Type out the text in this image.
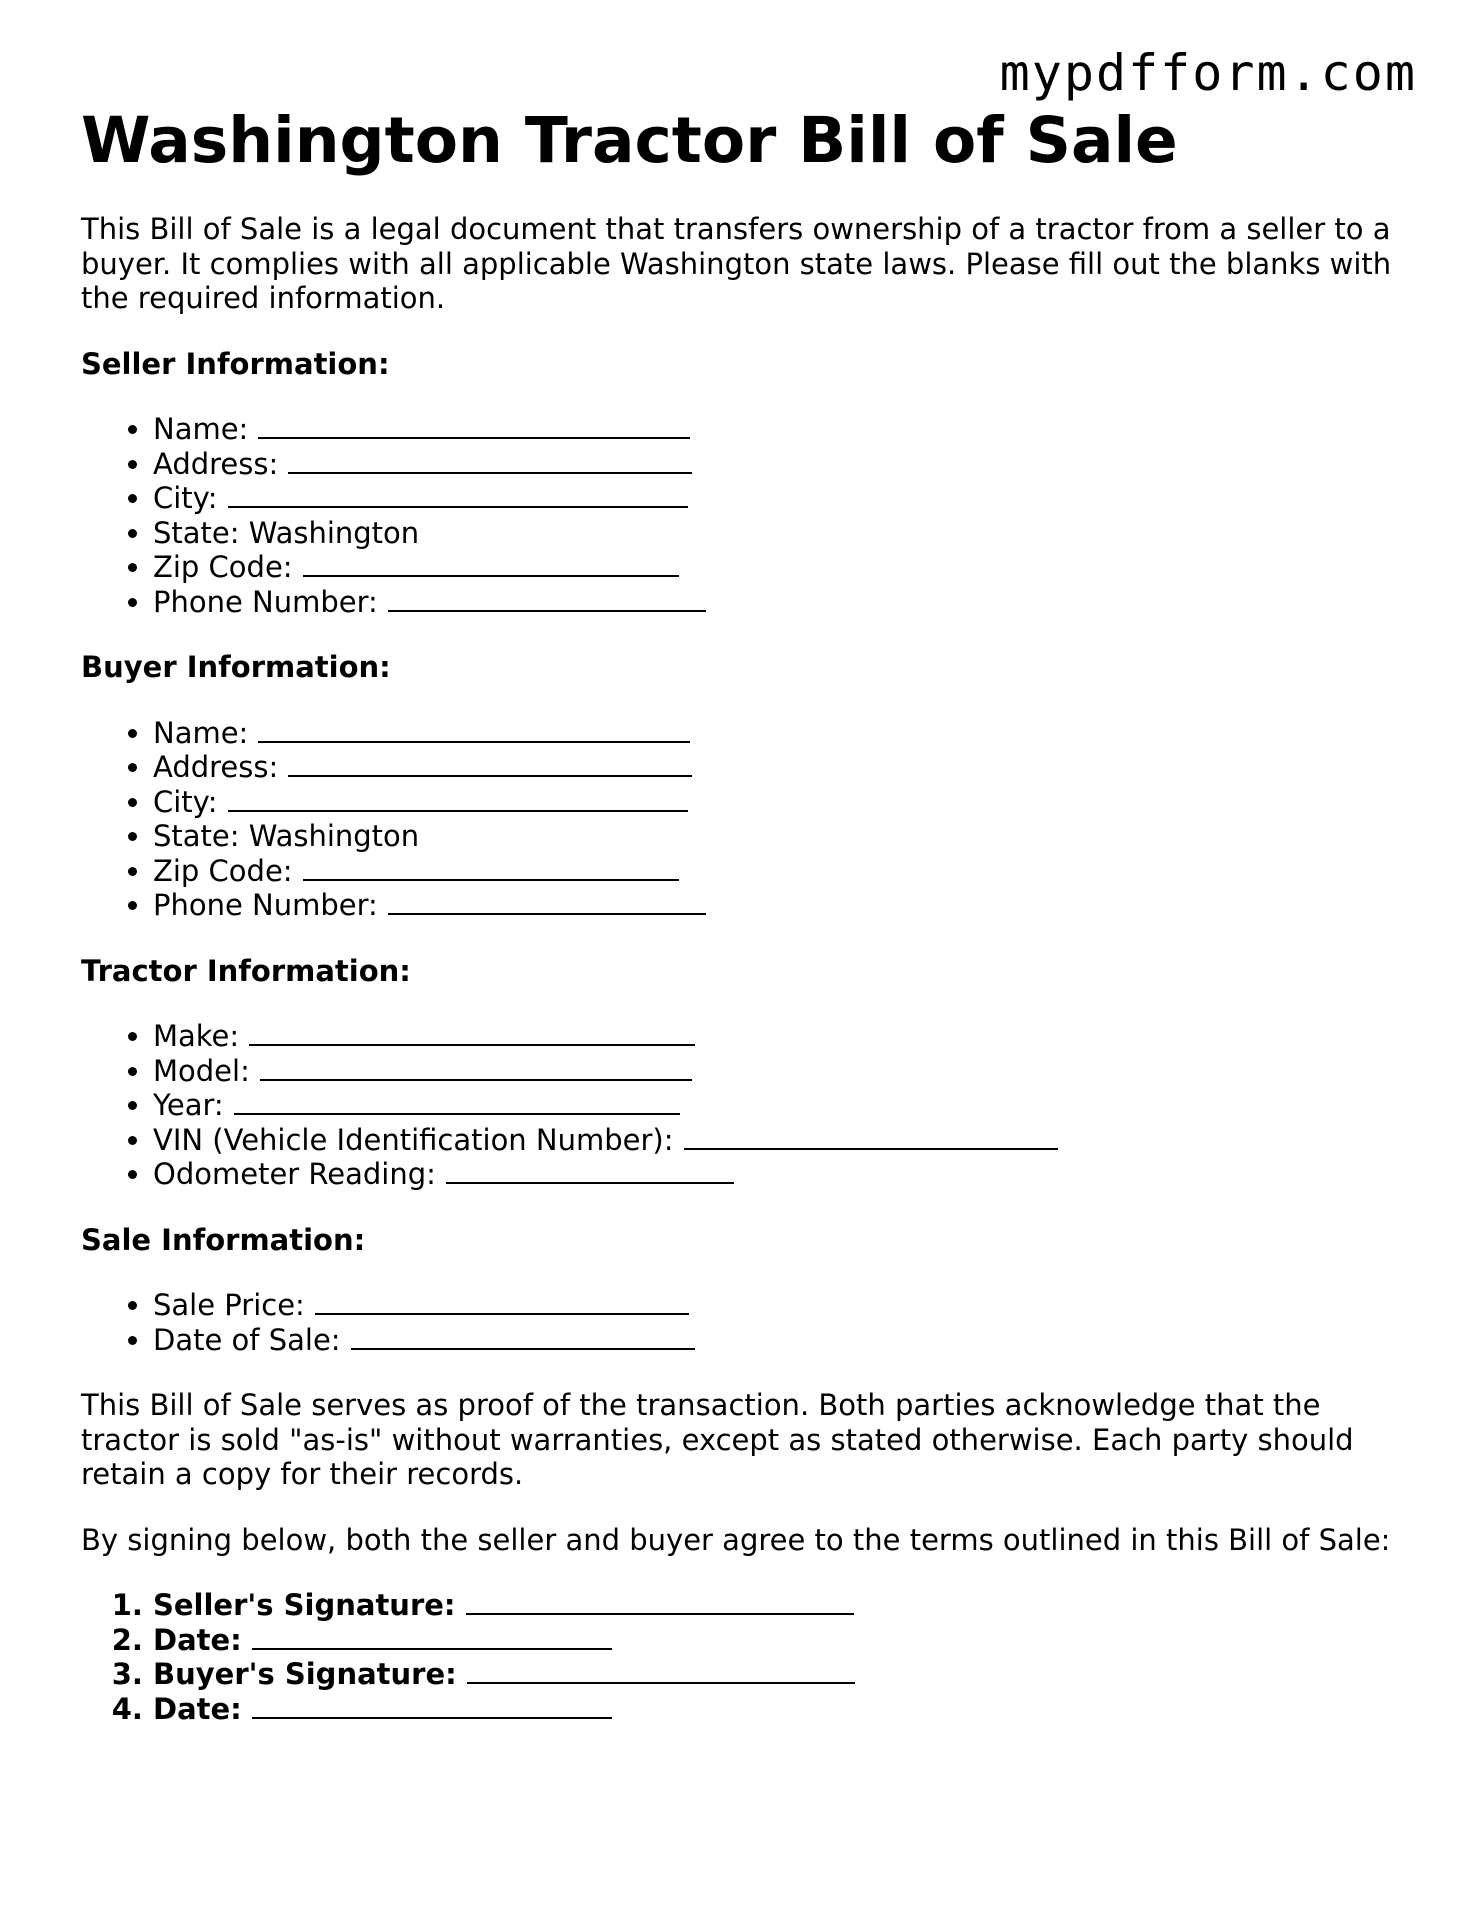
mypdfform.com
Washington Tractor Bill of Sale

This Bill of Sale is a legal document that transfers ownership of a tractor from a seller to a buyer. It complies with all applicable Washington state laws. Please fill out the blanks with the required information.

Seller Information:
• Name:
• Address:
• City:
• State: Washington
• Zip Code:
• Phone Number:
Buyer Information:
• Name:
• Address:
• City:
• State: Washington
• Zip Code:
• Phone Number:
Tractor Information:
• Make:
• Model:
• Year:
• VIN (Vehicle Identification Number):
• Odometer Reading:
Sale Information:
• Sale Price:
• Date of Sale:

This Bill of Sale serves as proof of the transaction. Both parties acknowledge that the tractor is sold "as-is" without warranties, except as stated otherwise. Each party should retain a copy for their records.

By signing below, both the seller and buyer agree to the terms outlined in this Bill of Sale:

1. Seller's Signature:
2. Date:
3. Buyer's Signature:
4. Date:
